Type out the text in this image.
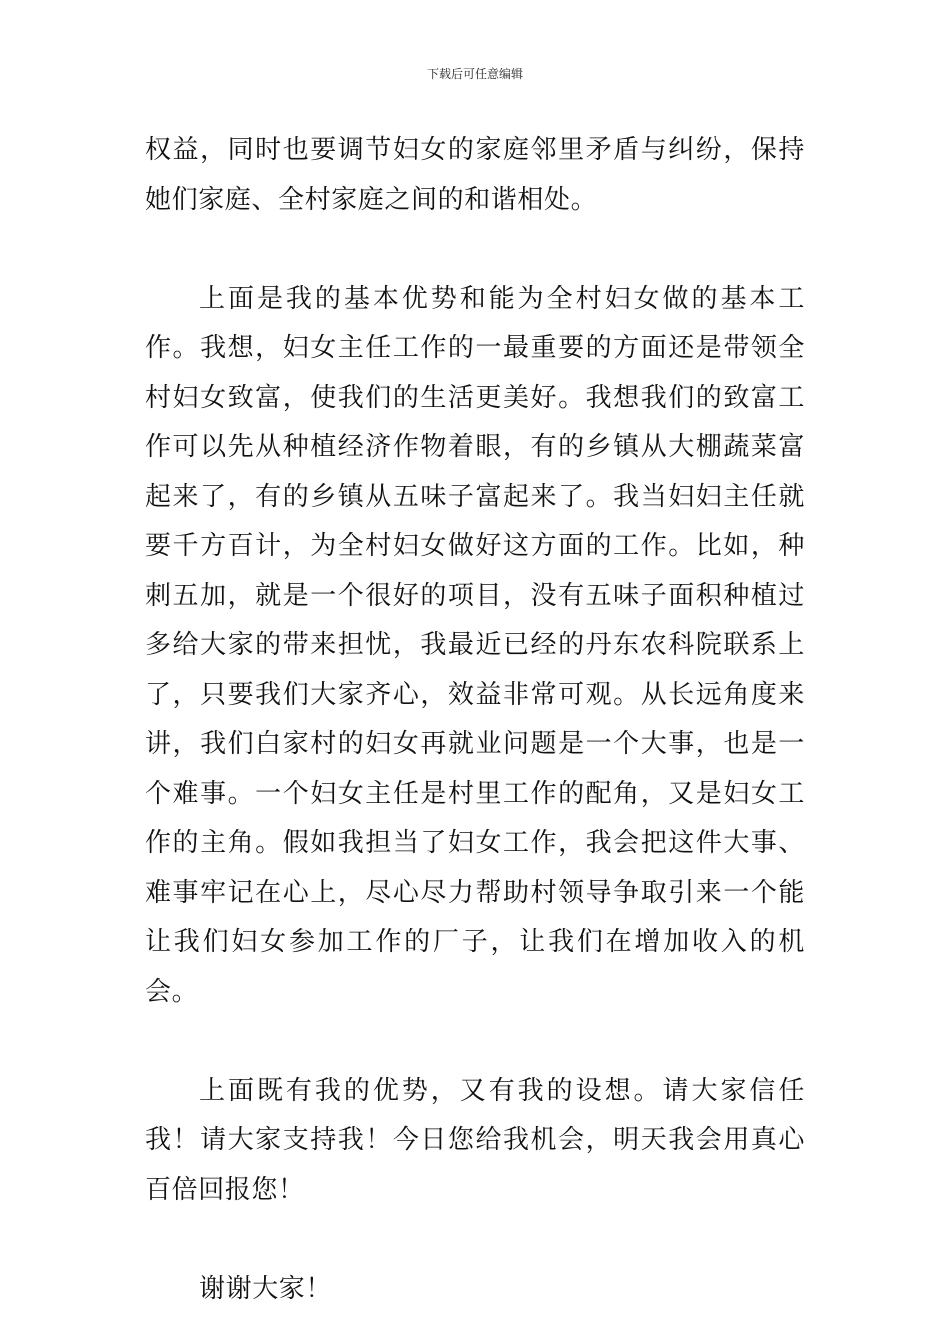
下载后可任意编辑

权益，同时也要调节妇女的家庭邻里矛盾与纠纷，保持她们家庭、全村家庭之间的和谐相处。

上面是我的基本优势和能为全村妇女做的基本工作。我想，妇女主任工作的一最重要的方面还是带领全村妇女致富，使我们的生活更美好。我想我们的致富工作可以先从种植经济作物着眼，有的乡镇从大棚蔬菜富起来了，有的乡镇从五味子富起来了。我当妇妇主任就要千方百计，为全村妇女做好这方面的工作。比如，种刺五加，就是一个很好的项目，没有五味子面积种植过多给大家的带来担忧，我最近已经的丹东农科院联系上了，只要我们大家齐心，效益非常可观。从长远角度来讲，我们白家村的妇女再就业问题是一个大事，也是一个难事。一个妇女主任是村里工作的配角，又是妇女工作的主角。假如我担当了妇女工作，我会把这件大事、难事牢记在心上，尽心尽力帮助村领导争取引来一个能让我们妇女参加工作的厂子，让我们在增加收入的机会。

上面既有我的优势，又有我的设想。请大家信任我！请大家支持我！今日您给我机会，明天我会用真心百倍回报您！

谢谢大家！
